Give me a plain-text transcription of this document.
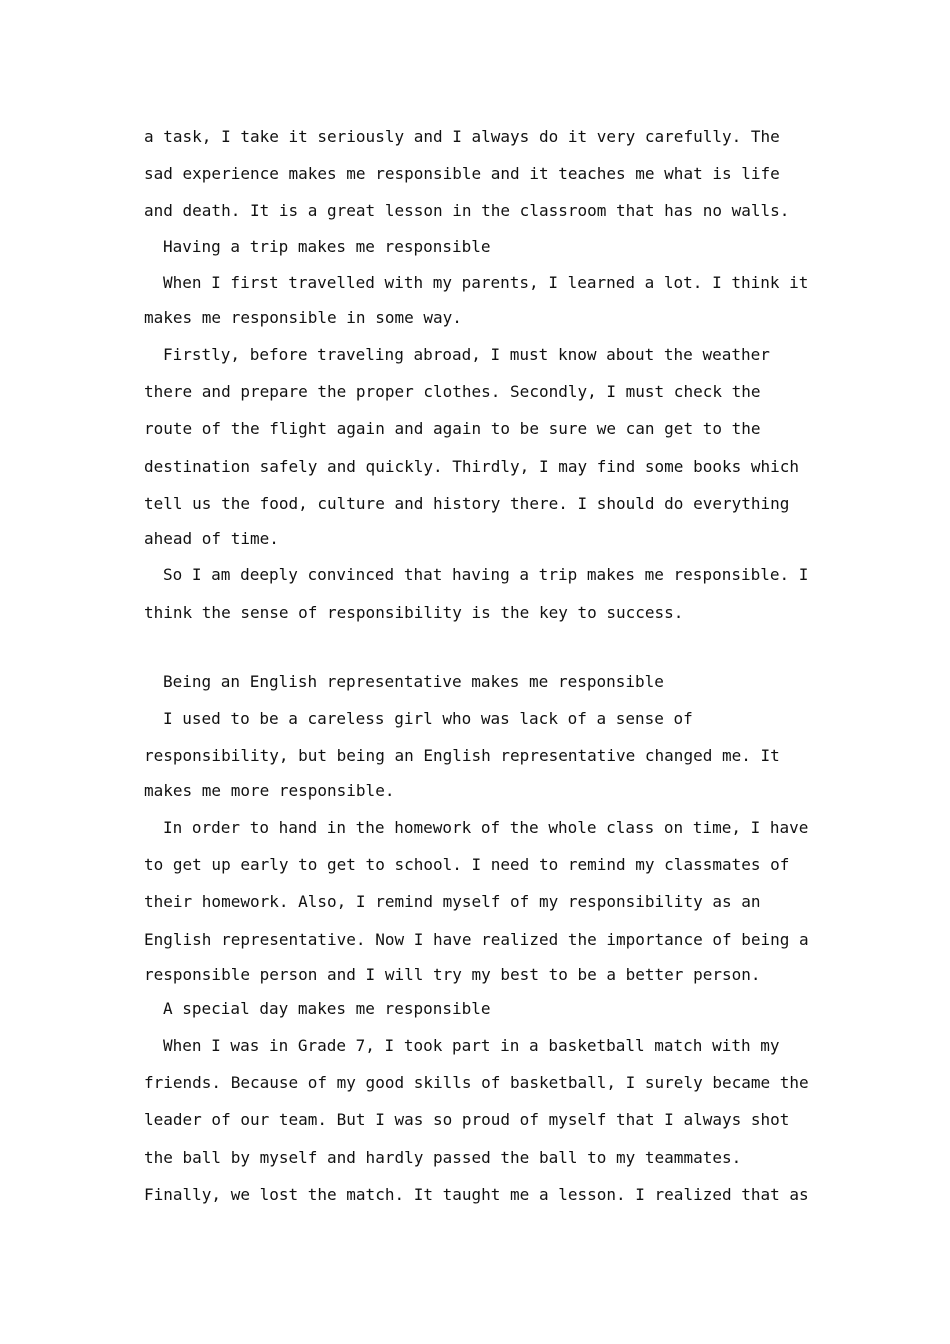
a task, I take it seriously and I always do it very carefully. The
sad experience makes me responsible and it teaches me what is life
and death. It is a great lesson in the classroom that has no walls.
Having a trip makes me responsible
When I first travelled with my parents, I learned a lot. I think it
makes me responsible in some way.
Firstly, before traveling abroad, I must know about the weather
there and prepare the proper clothes. Secondly, I must check the
route of the flight again and again to be sure we can get to the
destination safely and quickly. Thirdly, I may find some books which
tell us the food, culture and history there. I should do everything
ahead of time.
So I am deeply convinced that having a trip makes me responsible. I
think the sense of responsibility is the key to success.
Being an English representative makes me responsible
I used to be a careless girl who was lack of a sense of
responsibility, but being an English representative changed me. It
makes me more responsible.
In order to hand in the homework of the whole class on time, I have
to get up early to get to school. I need to remind my classmates of
their homework. Also, I remind myself of my responsibility as an
English representative. Now I have realized the importance of being a
responsible person and I will try my best to be a better person.
A special day makes me responsible
When I was in Grade 7, I took part in a basketball match with my
friends. Because of my good skills of basketball, I surely became the
leader of our team. But I was so proud of myself that I always shot
the ball by myself and hardly passed the ball to my teammates.
Finally, we lost the match. It taught me a lesson. I realized that as
